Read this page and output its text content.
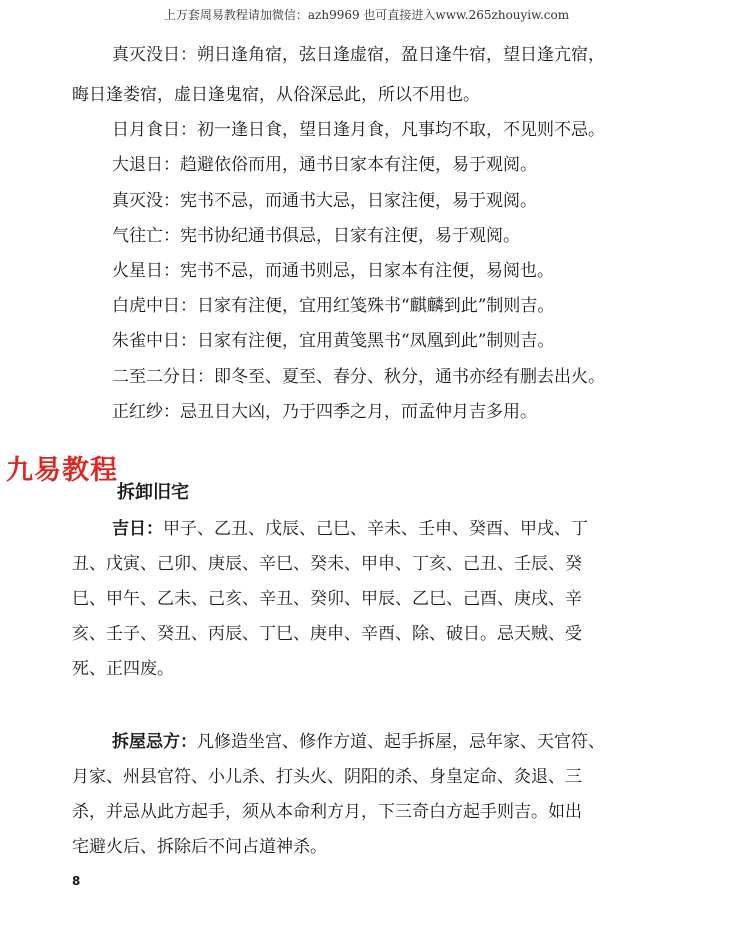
上万套周易教程请加微信：azh9969 也可直接进入www.265zhouyiw.com
真灭没日：朔日逢角宿，弦日逢虚宿，盈日逢牛宿，望日逢亢宿，
晦日逢娄宿，虚日逢鬼宿，从俗深忌此，所以不用也。
日月食日：初一逢日食，望日逢月食，凡事均不取，不见则不忌。
大退日：趋避依俗而用，通书日家本有注便，易于观阅。
真灭没：宪书不忌，而通书大忌，日家注便，易于观阅。
气往亡：宪书协纪通书俱忌，日家有注便，易于观阅。
火星日：宪书不忌，而通书则忌，日家本有注便，易阅也。
白虎中日：日家有注便，宜用红笺殊书“麒麟到此”制则吉。
朱雀中日：日家有注便，宜用黄笺黑书“凤凰到此”制则吉。
二至二分日：即冬至、夏至、春分、秋分，通书亦经有删去出火。
正红纱：忌丑日大凶，乃于四季之月，而孟仲月吉多用。
九易教程
拆卸旧宅
吉日：甲子、乙丑、戊辰、己巳、辛未、壬申、癸酉、甲戌、丁
丑、戊寅、己卯、庚辰、辛巳、癸未、甲申、丁亥、己丑、壬辰、癸
巳、甲午、乙未、己亥、辛丑、癸卯、甲辰、乙巳、己酉、庚戌、辛
亥、壬子、癸丑、丙辰、丁巳、庚申、辛酉、除、破日。忌天贼、受
死、正四废。
拆屋忌方：凡修造坐宫、修作方道、起手拆屋，忌年家、天官符、
月家、州县官符、小儿杀、打头火、阴阳的杀、身皇定命、灸退、三
杀，并忌从此方起手，须从本命利方月，下三奇白方起手则吉。如出
宅避火后、拆除后不问占道神杀。
8
